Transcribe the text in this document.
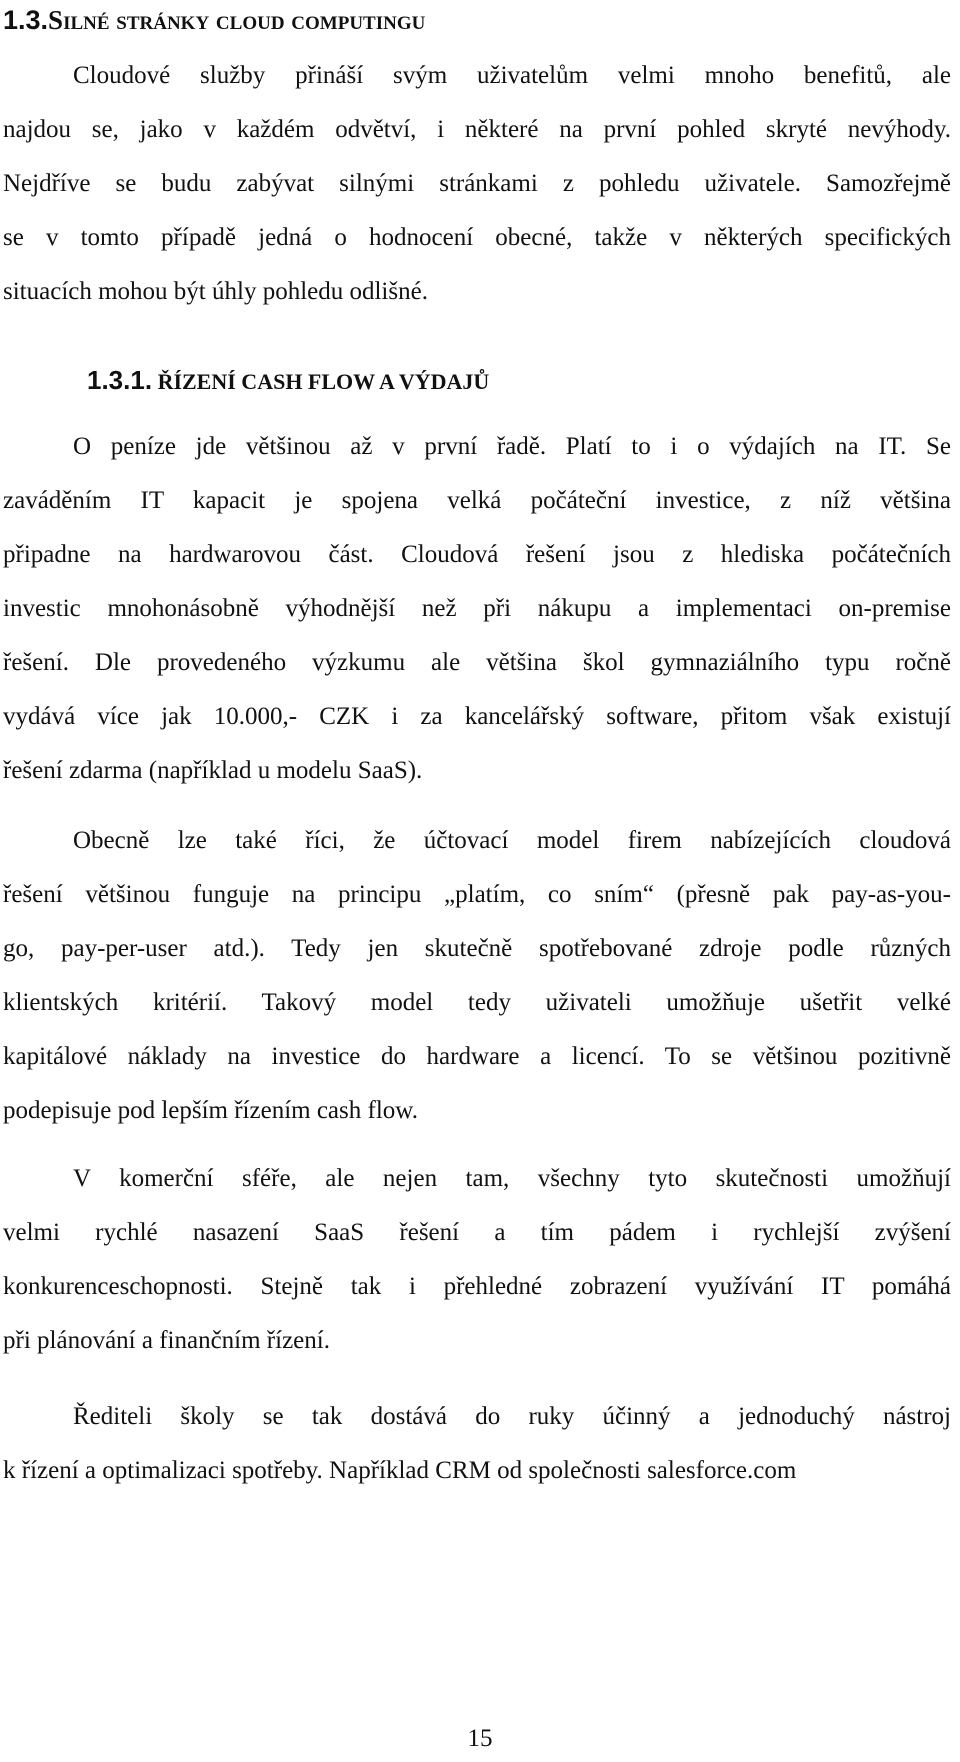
1.3.Silné stránky cloud computingu
Cloudové služby přináší svým uživatelům velmi mnoho benefitů, ale
najdou se, jako v každém odvětví, i některé na první pohled skryté nevýhody.
Nejdříve se budu zabývat silnými stránkami z pohledu uživatele. Samozřejmě
se v tomto případě jedná o hodnocení obecné, takže v některých specifických
situacích mohou být úhly pohledu odlišné.
1.3.1. ŘÍZENÍ CASH FLOW A VÝDAJŮ
O peníze jde většinou až v první řadě. Platí to i o výdajích na IT. Se
zaváděním IT kapacit je spojena velká počáteční investice, z níž většina
připadne na hardwarovou část. Cloudová řešení jsou z hlediska počátečních
investic mnohonásobně výhodnější než při nákupu a implementaci on-premise
řešení. Dle provedeného výzkumu ale většina škol gymnaziálního typu ročně
vydává více jak 10.000,- CZK i za kancelářský software, přitom však existují
řešení zdarma (například u modelu SaaS).
Obecně lze také říci, že účtovací model firem nabízejících cloudová
řešení většinou funguje na principu „platím, co sním“ (přesně pak pay-as-you-
go, pay-per-user atd.). Tedy jen skutečně spotřebované zdroje podle různých
klientských kritérií. Takový model tedy uživateli umožňuje ušetřit velké
kapitálové náklady na investice do hardware a licencí. To se většinou pozitivně
podepisuje pod lepším řízením cash flow.
V komerční sféře, ale nejen tam, všechny tyto skutečnosti umožňují
velmi rychlé nasazení SaaS řešení a tím pádem i rychlejší zvýšení
konkurenceschopnosti. Stejně tak i přehledné zobrazení využívání IT pomáhá
při plánování a finančním řízení.
Řediteli školy se tak dostává do ruky účinný a jednoduchý nástroj
k řízení a optimalizaci spotřeby. Například CRM od společnosti salesforce.com
15
